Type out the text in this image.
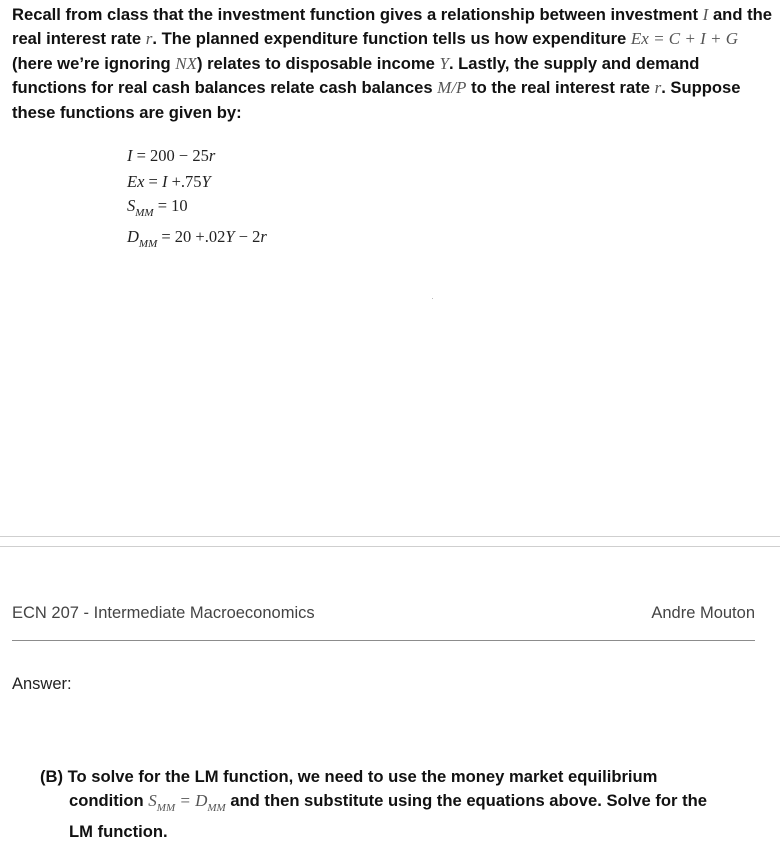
Recall from class that the investment function gives a relationship between investment I and the real interest rate r. The planned expenditure function tells us how expenditure Ex = C + I + G (here we’re ignoring NX) relates to disposable income Y. Lastly, the supply and demand functions for real cash balances relate cash balances M/P to the real interest rate r. Suppose these functions are given by:
I = 200 − 25r
Ex = I +.75Y
$S_{MM} = 10$
$D_{MM} = 20 +.02Y - 2r$
ECN 207 - Intermediate Macroeconomics	Andre Mouton
Answer:
(B) To solve for the LM function, we need to use the money market equilibrium
condition $S_{MM} = D_{MM}$ and then substitute using the equations above. Solve for the
LM function.
